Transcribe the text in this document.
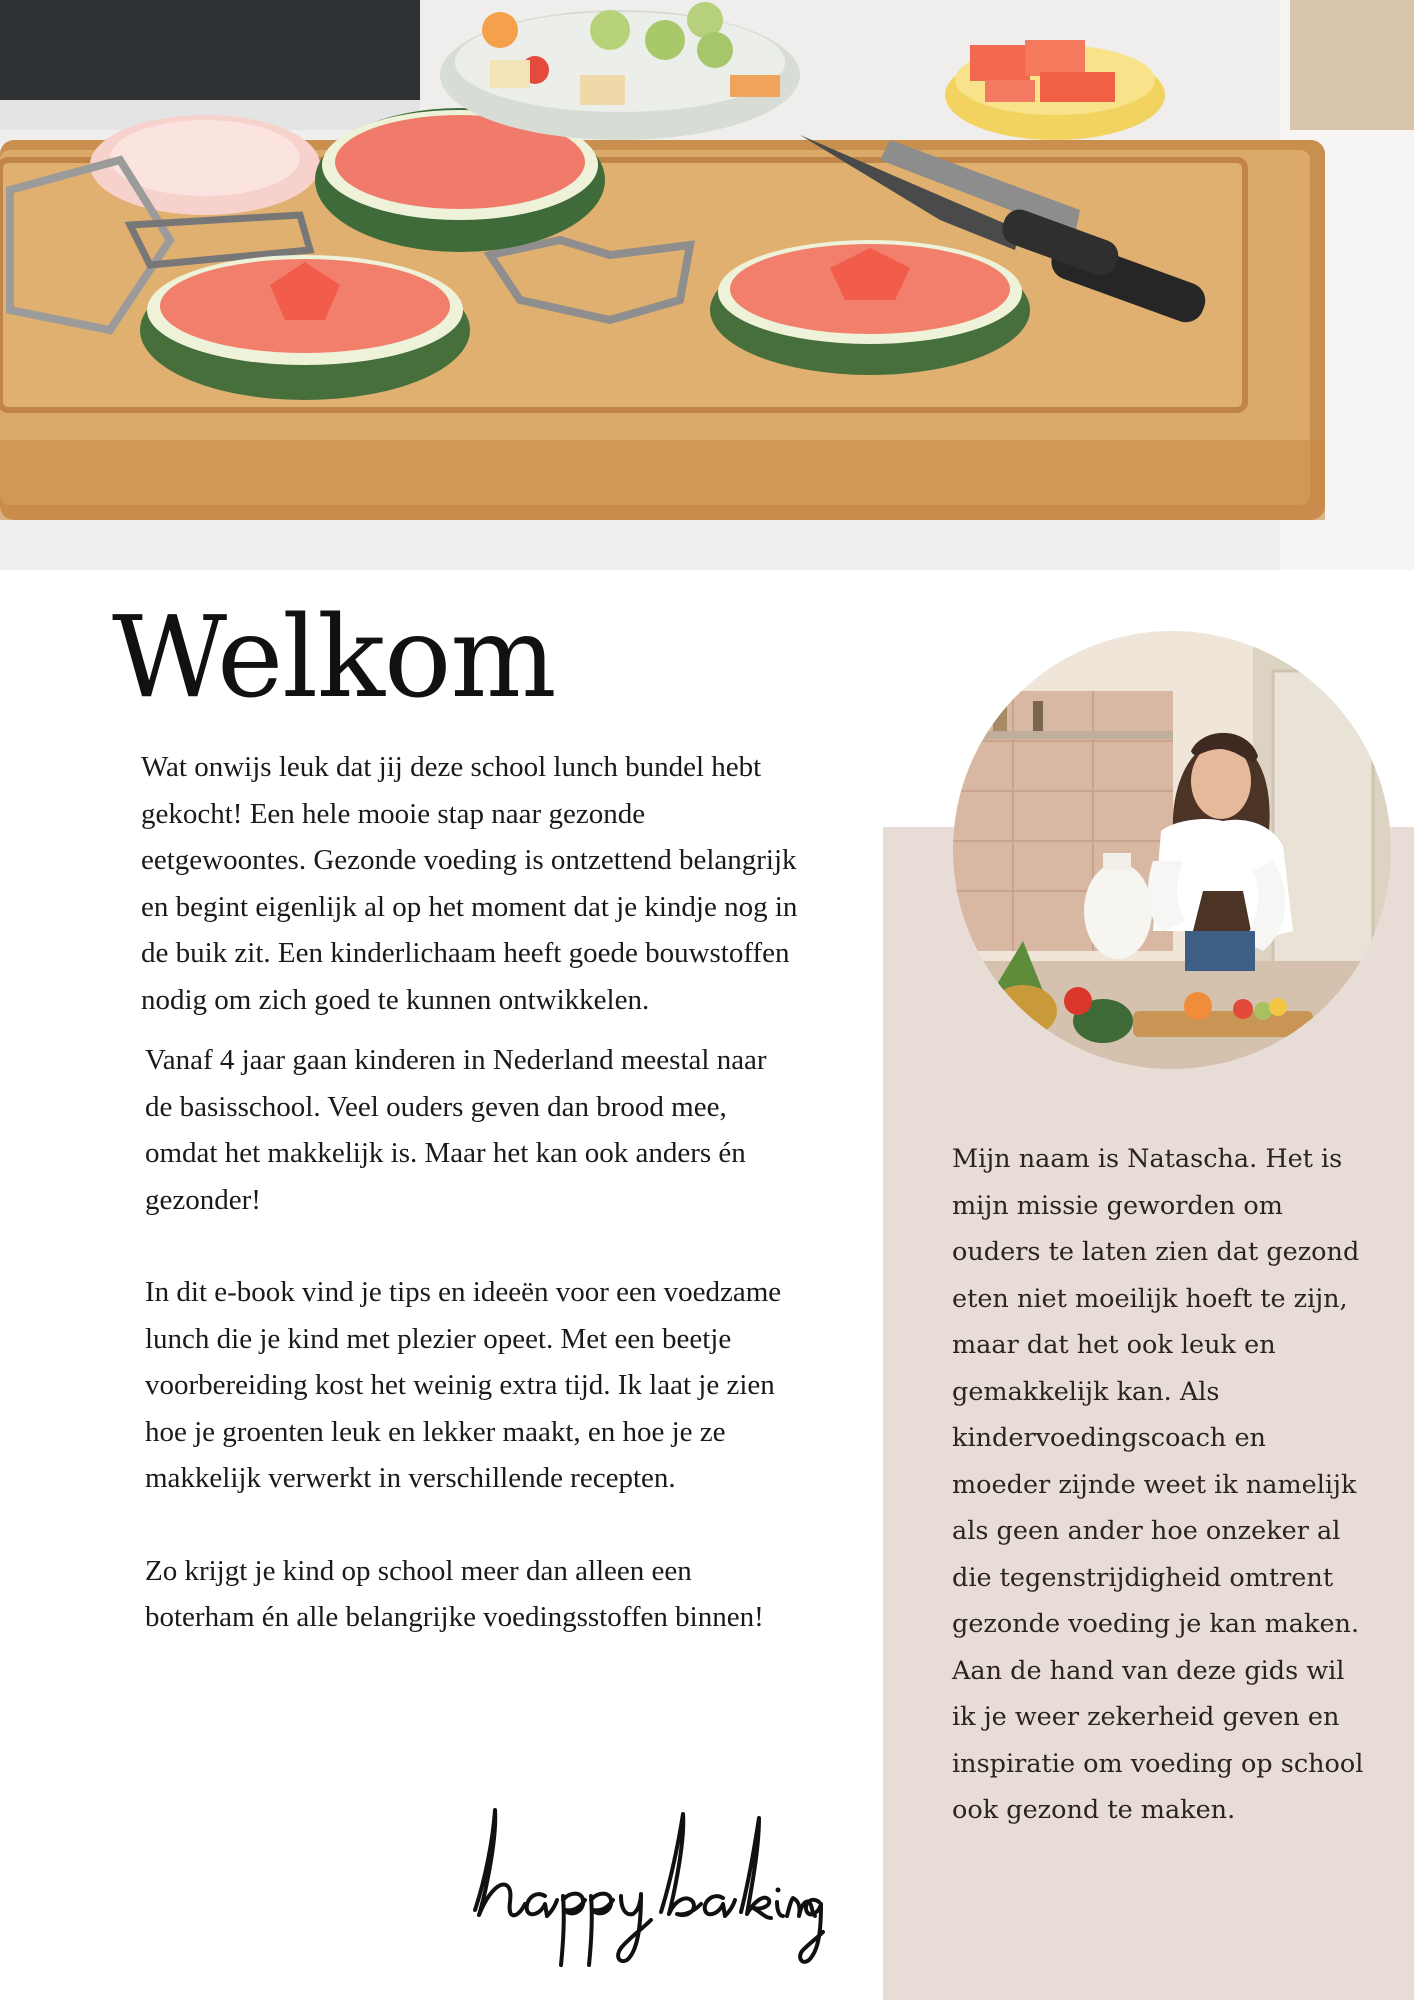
Welkom

Wat onwijs leuk dat jij deze school lunch bundel hebt gekocht! Een hele mooie stap naar gezonde eetgewoontes. Gezonde voeding is ontzettend belangrijk en begint eigenlijk al op het moment dat je kindje nog in de buik zit. Een kinderlichaam heeft goede bouwstoffen nodig om zich goed te kunnen ontwikkelen.

Vanaf 4 jaar gaan kinderen in Nederland meestal naar de basisschool. Veel ouders geven dan brood mee, omdat het makkelijk is. Maar het kan ook anders én gezonder!

In dit e-book vind je tips en ideeën voor een voedzame lunch die je kind met plezier opeet. Met een beetje voorbereiding kost het weinig extra tijd. Ik laat je zien hoe je groenten leuk en lekker maakt, en hoe je ze makkelijk verwerkt in verschillende recepten.

Zo krijgt je kind op school meer dan alleen een boterham én alle belangrijke voedingsstoffen binnen!

Mijn naam is Natascha. Het is mijn missie geworden om ouders te laten zien dat gezond eten niet moeilijk hoeft te zijn, maar dat het ook leuk en gemakkelijk kan. Als kindervoedingscoach en moeder zijnde weet ik namelijk als geen ander hoe onzeker al die tegenstrijdigheid omtrent gezonde voeding je kan maken. Aan de hand van deze gids wil ik je weer zekerheid geven en inspiratie om voeding op school ook gezond te maken.
